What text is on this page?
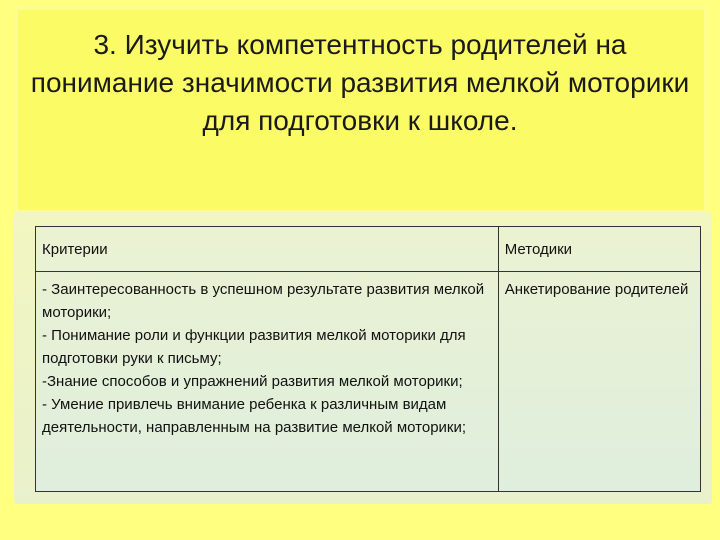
3. Изучить компетентность родителей на понимание значимости развития мелкой моторики для подготовки к школе.
Критерии	Методики

- Заинтересованность в успешном результате развития мелкой моторики;
- Понимание роли и функции развития мелкой моторики для подготовки руки к письму;
-Знание способов и упражнений развития мелкой моторики;
- Умение привлечь внимание ребенка к различным видам деятельности, направленным на развитие мелкой моторики;	Анкетирование родителей
